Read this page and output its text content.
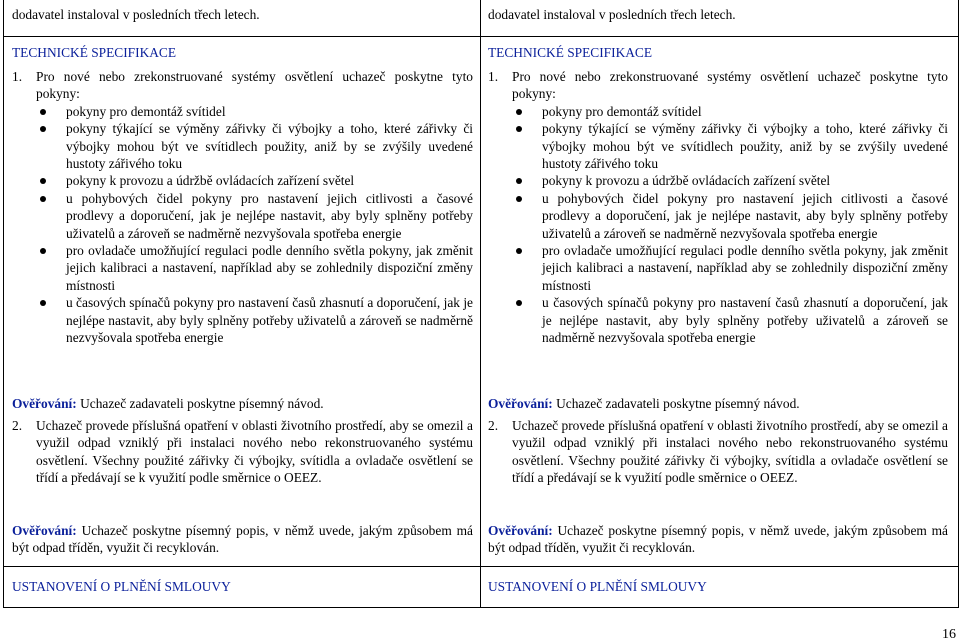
dodavatel instaloval v posledních třech letech.

TECHNICKÉ SPECIFIKACE

1. Pro nové nebo zrekonstruované systémy osvětlení uchazeč poskytne tyto pokyny:
pokyny pro demontáž svítidel
pokyny týkající se výměny zářivky či výbojky a toho, které zářivky či výbojky mohou být ve svítidlech použity, aniž by se zvýšily uvedené hustoty zářivého toku
pokyny k provozu a údržbě ovládacích zařízení světel
u pohybových čidel pokyny pro nastavení jejich citlivosti a časové prodlevy a doporučení, jak je nejlépe nastavit, aby byly splněny potřeby uživatelů a zároveň se nadměrně nezvyšovala spotřeba energie
pro ovladače umožňující regulaci podle denního světla pokyny, jak změnit jejich kalibraci a nastavení, například aby se zohlednily dispoziční změny místnosti
u časových spínačů pokyny pro nastavení časů zhasnutí a doporučení, jak je nejlépe nastavit, aby byly splněny potřeby uživatelů a zároveň se nadměrně nezvyšovala spotřeba energie

Ověřování: Uchazeč zadavateli poskytne písemný návod.

2. Uchazeč provede příslušná opatření v oblasti životního prostředí, aby se omezil a využil odpad vzniklý při instalaci nového nebo rekonstruovaného systému osvětlení. Všechny použité zářivky či výbojky, svítidla a ovladače osvětlení se třídí a předávají se k využití podle směrnice o OEEZ.

Ověřování: Uchazeč poskytne písemný popis, v němž uvede, jakým způsobem má být odpad tříděn, využit či recyklován.

USTANOVENÍ O PLNĚNÍ SMLOUVY

dodavatel instaloval v posledních třech letech.

TECHNICKÉ SPECIFIKACE

1. Pro nové nebo zrekonstruované systémy osvětlení uchazeč poskytne tyto pokyny:
pokyny pro demontáž svítidel
pokyny týkající se výměny zářivky či výbojky a toho, které zářivky či výbojky mohou být ve svítidlech použity, aniž by se zvýšily uvedené hustoty zářivého toku
pokyny k provozu a údržbě ovládacích zařízení světel
u pohybových čidel pokyny pro nastavení jejich citlivosti a časové prodlevy a doporučení, jak je nejlépe nastavit, aby byly splněny potřeby uživatelů a zároveň se nadměrně nezvyšovala spotřeba energie
pro ovladače umožňující regulaci podle denního světla pokyny, jak změnit jejich kalibraci a nastavení, například aby se zohlednily dispoziční změny místnosti
u časových spínačů pokyny pro nastavení časů zhasnutí a doporučení, jak je nejlépe nastavit, aby byly splněny potřeby uživatelů a zároveň se nadměrně nezvyšovala spotřeba energie

Ověřování: Uchazeč zadavateli poskytne písemný návod.

2. Uchazeč provede příslušná opatření v oblasti životního prostředí, aby se omezil a využil odpad vzniklý při instalaci nového nebo rekonstruovaného systému osvětlení. Všechny použité zářivky či výbojky, svítidla a ovladače osvětlení se třídí a předávají se k využití podle směrnice o OEEZ.

Ověřování: Uchazeč poskytne písemný popis, v němž uvede, jakým způsobem má být odpad tříděn, využit či recyklován.

USTANOVENÍ O PLNĚNÍ SMLOUVY

16
